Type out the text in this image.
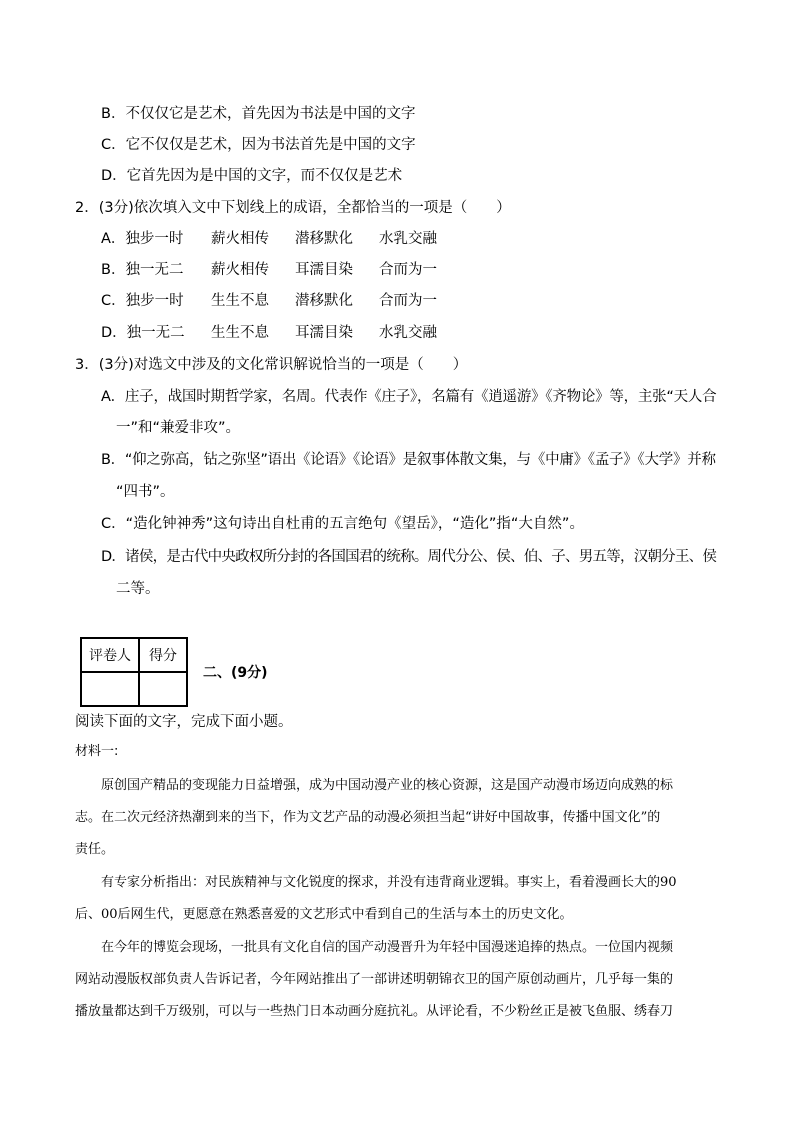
B．不仅仅它是艺术，首先因为书法是中国的文字
C．它不仅仅是艺术，因为书法首先是中国的文字
D．它首先因为是中国的文字，而不仅仅是艺术
2．(3分)依次填入文中下划线上的成语，全都恰当的一项是（　　）
A．独步一时 薪火相传 潜移默化 水乳交融
B．独一无二 薪火相传 耳濡目染 合而为一
C．独步一时 生生不息 潜移默化 合而为一
D．独一无二 生生不息 耳濡目染 水乳交融
3．(3分)对选文中涉及的文化常识解说恰当的一项是（　　）
A．庄子，战国时期哲学家，名周。代表作《庄子》，名篇有《逍遥游》《齐物论》等，主张“天人合
一”和“兼爱非攻”。
B．“仰之弥高，钻之弥坚”语出《论语》《论语》是叙事体散文集，与《中庸》《孟子》《大学》并称
“四书”。
C．“造化钟神秀”这句诗出自杜甫的五言绝句《望岳》，“造化”指“大自然”。
D．诸侯，是古代中央政权所分封的各国国君的统称。周代分公、侯、伯、子、男五等，汉朝分王、侯
二等。
评卷人	得分

二、(9分)
阅读下面的文字，完成下面小题。
材料一:
原创国产精品的变现能力日益增强，成为中国动漫产业的核心资源，这是国产动漫市场迈向成熟的标
志。在二次元经济热潮到来的当下，作为文艺产品的动漫必须担当起“讲好中国故事，传播中国文化”的
责任。
有专家分析指出：对民族精神与文化锐度的探求，并没有违背商业逻辑。事实上，看着漫画长大的90
后、00后网生代，更愿意在熟悉喜爱的文艺形式中看到自己的生活与本土的历史文化。
在今年的博览会现场，一批具有文化自信的国产动漫晋升为年轻中国漫迷追捧的热点。一位国内视频
网站动漫版权部负责人告诉记者，今年网站推出了一部讲述明朝锦衣卫的国产原创动画片，几乎每一集的
播放量都达到千万级别，可以与一些热门日本动画分庭抗礼。从评论看，不少粉丝正是被飞鱼服、绣春刀
